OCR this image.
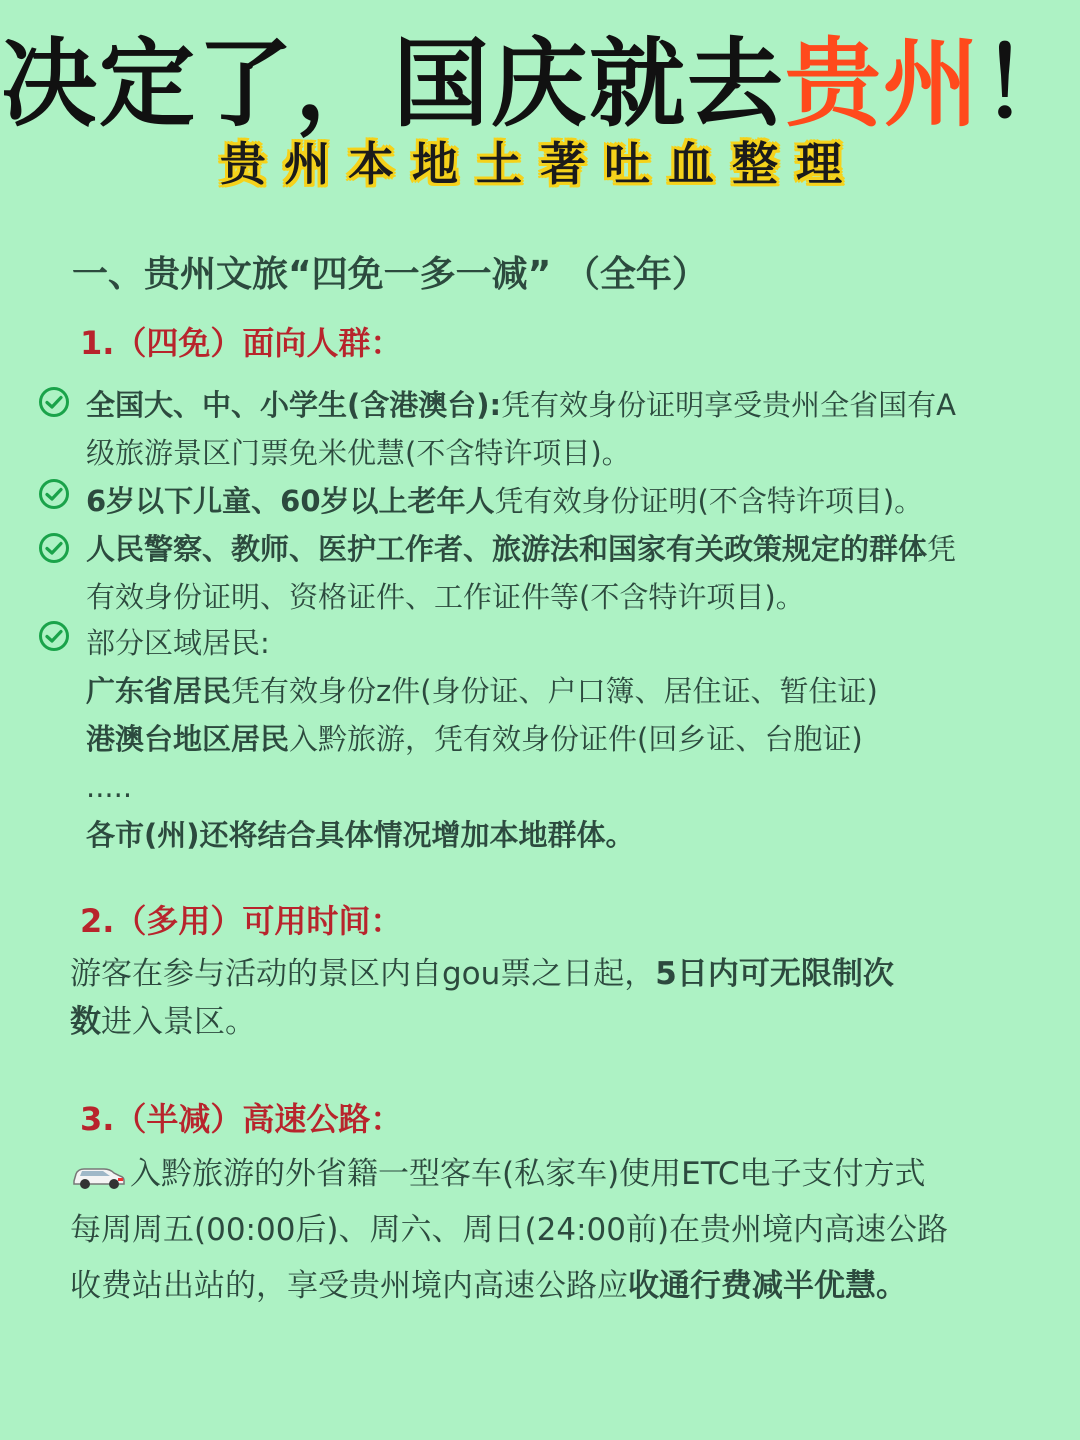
决定了，国庆就去贵州！
贵州本地土著吐血整理
一、贵州文旅“四免一多一减” （全年）
1.（四免）面向人群：
全国大、中、小学生(含港澳台):凭有效身份证明享受贵州全省国有A
级旅游景区门票免米优慧(不含特许项目)。
6岁以下儿童、60岁以上老年人凭有效身份证明(不含特许项目)。
人民警察、教师、医护工作者、旅游法和国家有关政策规定的群体凭
有效身份证明、资格证件、工作证件等(不含特许项目)。
部分区域居民:
广东省居民凭有效身份z件(身份证、户口簿、居住证、暂住证)
港澳台地区居民入黔旅游，凭有效身份证件(回乡证、台胞证)
.....
各市(州)还将结合具体情况增加本地群体。
2.（多用）可用时间：
游客在参与活动的景区内自gou票之日起，5日内可无限制次
数进入景区。
3.（半减）高速公路：
入黔旅游的外省籍一型客车(私家车)使用ETC电子支付方式
每周周五(00:00后)、周六、周日(24:00前)在贵州境内高速公路
收费站出站的，享受贵州境内高速公路应收通行费减半优慧。
